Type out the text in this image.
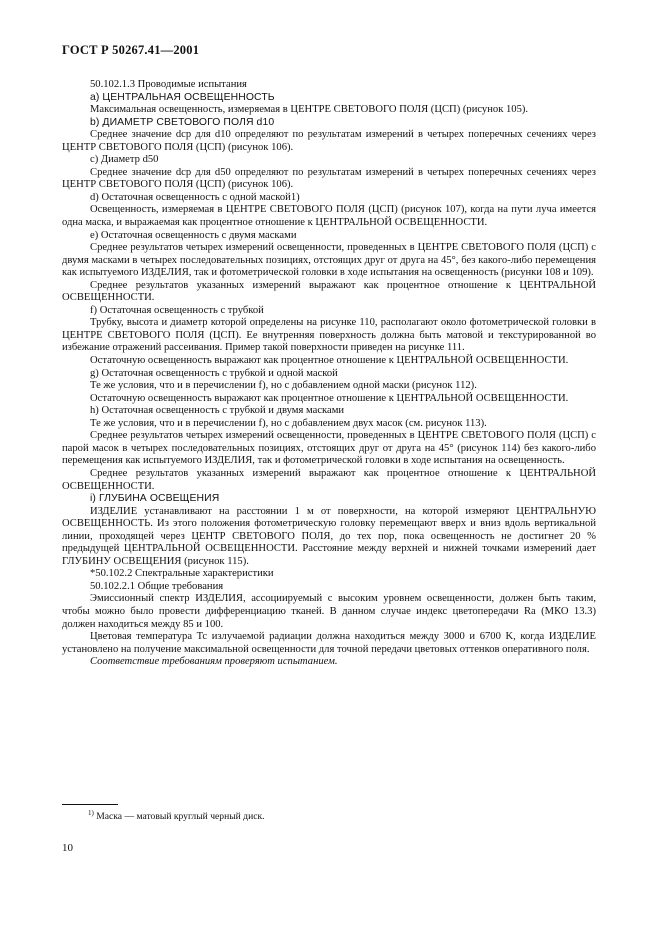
ГОСТ Р 50267.41—2001

50.102.1.3 Проводимые испытания

a) ЦЕНТРАЛЬНАЯ ОСВЕЩЕННОСТЬ

Максимальная освещенность, измеряемая в ЦЕНТРЕ СВЕТОВОГО ПОЛЯ (ЦСП) (рисунок 105).

b) ДИАМЕТР СВЕТОВОГО ПОЛЯ d10

Среднее значение dср для d10 определяют по результатам измерений в четырех поперечных сечениях через ЦЕНТР СВЕТОВОГО ПОЛЯ (ЦСП) (рисунок 106).

c) Диаметр d50

Среднее значение dср для d50 определяют по результатам измерений в четырех поперечных сечениях через ЦЕНТР СВЕТОВОГО ПОЛЯ (ЦСП) (рисунок 106).

d) Остаточная освещенность с одной маской1)

Освещенность, измеряемая в ЦЕНТРЕ СВЕТОВОГО ПОЛЯ (ЦСП) (рисунок 107), когда на пути луча имеется одна маска, и выражаемая как процентное отношение к ЦЕНТРАЛЬНОЙ ОСВЕЩЕННОСТИ.

e) Остаточная освещенность с двумя масками

Среднее результатов четырех измерений освещенности, проведенных в ЦЕНТРЕ СВЕТОВОГО ПОЛЯ (ЦСП) с двумя масками в четырех последовательных позициях, отстоящих друг от друга на 45°, без какого-либо перемещения как испытуемого ИЗДЕЛИЯ, так и фотометрической головки в ходе испытания на освещенность (рисунки 108 и 109).

Среднее результатов указанных измерений выражают как процентное отношение к ЦЕНТРАЛЬНОЙ ОСВЕЩЕННОСТИ.

f) Остаточная освещенность с трубкой

Трубку, высота и диаметр которой определены на рисунке 110, располагают около фотометрической головки в ЦЕНТРЕ СВЕТОВОГО ПОЛЯ (ЦСП). Ее внутренняя поверхность должна быть матовой и текстурированной во избежание отражений рассеивания. Пример такой поверхности приведен на рисунке 111.

Остаточную освещенность выражают как процентное отношение к ЦЕНТРАЛЬНОЙ ОСВЕЩЕННОСТИ.

g) Остаточная освещенность с трубкой и одной маской

Те же условия, что и в перечислении f), но с добавлением одной маски (рисунок 112).

Остаточную освещенность выражают как процентное отношение к ЦЕНТРАЛЬНОЙ ОСВЕЩЕННОСТИ.

h) Остаточная освещенность с трубкой и двумя масками

Те же условия, что и в перечислении f), но с добавлением двух масок (см. рисунок 113).

Среднее результатов четырех измерений освещенности, проведенных в ЦЕНТРЕ СВЕТОВОГО ПОЛЯ (ЦСП) с парой масок в четырех последовательных позициях, отстоящих друг от друга на 45° (рисунок 114) без какого-либо перемещения как испытуемого ИЗДЕЛИЯ, так и фотометрической головки в ходе испытания на освещенность.

Среднее результатов указанных измерений выражают как процентное отношение к ЦЕНТРАЛЬНОЙ ОСВЕЩЕННОСТИ.

i) ГЛУБИНА ОСВЕЩЕНИЯ

ИЗДЕЛИЕ устанавливают на расстоянии 1 м от поверхности, на которой измеряют ЦЕНТРАЛЬНУЮ ОСВЕЩЕННОСТЬ. Из этого положения фотометрическую головку перемещают вверх и вниз вдоль вертикальной линии, проходящей через ЦЕНТР СВЕТОВОГО ПОЛЯ, до тех пор, пока освещенность не достигнет 20 % предыдущей ЦЕНТРАЛЬНОЙ ОСВЕЩЕННОСТИ. Расстояние между верхней и нижней точками измерений дает ГЛУБИНУ ОСВЕЩЕНИЯ (рисунок 115).

*50.102.2 Спектральные характеристики

50.102.2.1 Общие требования

Эмиссионный спектр ИЗДЕЛИЯ, ассоциируемый с высоким уровнем освещенности, должен быть таким, чтобы можно было провести дифференциацию тканей. В данном случае индекс цветопередачи Ra (МКО 13.3) должен находиться между 85 и 100.

Цветовая температура Tc излучаемой радиации должна находиться между 3000 и 6700 K, когда ИЗДЕЛИЕ установлено на получение максимальной освещенности для точной передачи цветовых оттенков оперативного поля.

Соответствие требованиям проверяют испытанием.

$^{1)}$ Маска — матовый круглый черный диск.
10
